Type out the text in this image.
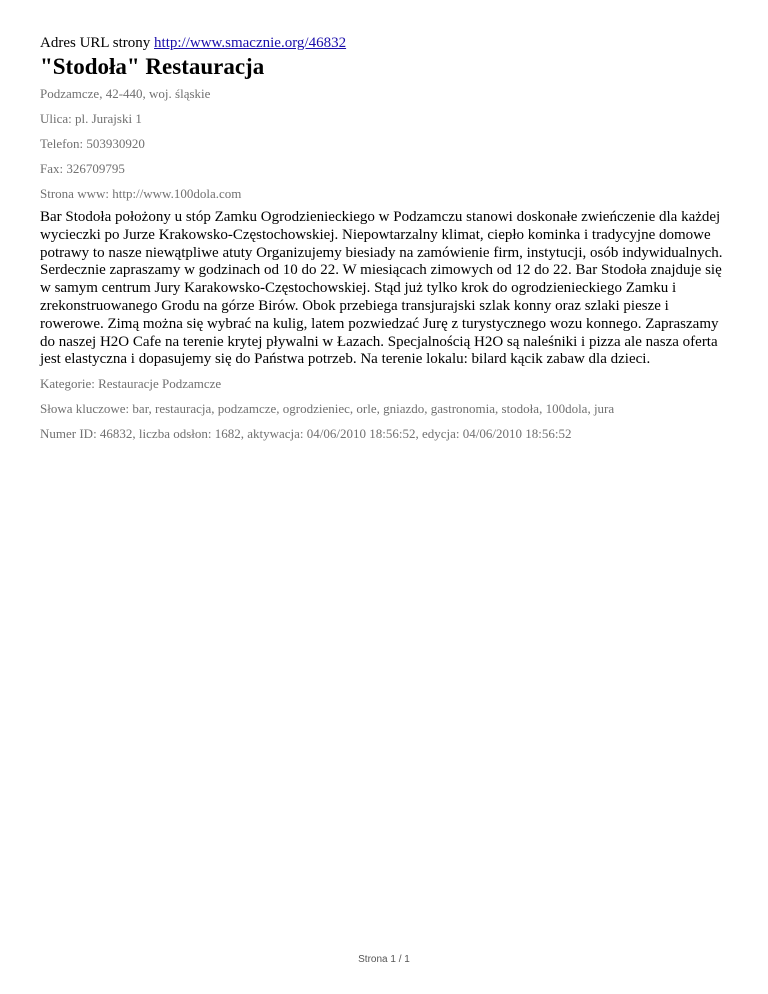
Adres URL strony http://www.smacznie.org/46832

"Stodoła" Restauracja

Podzamcze, 42-440, woj. śląskie

Ulica: pl. Jurajski 1

Telefon: 503930920

Fax: 326709795

Strona www: http://www.100dola.com

Bar Stodoła położony u stóp Zamku Ogrodzienieckiego w Podzamczu stanowi doskonałe zwieńczenie dla każdej wycieczki po Jurze Krakowsko-Częstochowskiej. Niepowtarzalny klimat, ciepło kominka i tradycyjne domowe potrawy to nasze niewątpliwe atuty Organizujemy biesiady na zamówienie firm, instytucji, osób indywidualnych. Serdecznie zapraszamy w godzinach od 10 do 22. W miesiącach zimowych od 12 do 22. Bar Stodoła znajduje się w samym centrum Jury Karakowsko-Częstochowskiej. Stąd już tylko krok do ogrodzienieckiego Zamku i zrekonstruowanego Grodu na górze Birów. Obok przebiega transjurajski szlak konny oraz szlaki piesze i rowerowe. Zimą można się wybrać na kulig, latem pozwiedzać Jurę z turystycznego wozu konnego. Zapraszamy do naszej H2O Cafe na terenie krytej pływalni w Łazach. Specjalnością H2O są naleśniki i pizza ale nasza oferta jest elastyczna i dopasujemy się do Państwa potrzeb. Na terenie lokalu: bilard kącik zabaw dla dzieci.

Kategorie: Restauracje Podzamcze

Słowa kluczowe: bar, restauracja, podzamcze, ogrodzieniec, orle, gniazdo, gastronomia, stodoła, 100dola, jura

Numer ID: 46832, liczba odsłon: 1682, aktywacja: 04/06/2010 18:56:52, edycja: 04/06/2010 18:56:52

Strona 1 / 1
